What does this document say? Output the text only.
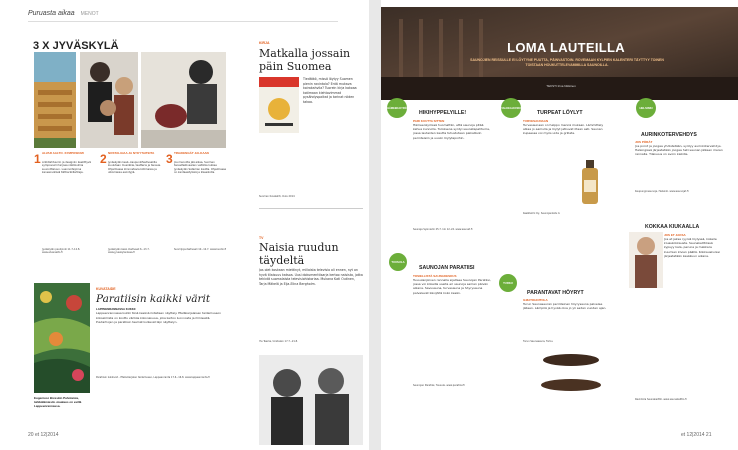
Puruasta aikaa MENOT
3 X JYVÄSKYLÄ
1 ALVAR AALTO -SYMPOSIUMI
Arkkitehtuuriin ja designiin keskittyvä symposiumi tarjoaa näkökulmia suunnitteluun. Luennoitsijoina kansainvälisiä tähtiarkkitehteja.
Jyväskylän paviljonki 11.7–12.8. www.alvaraalto.fi
2 NOSTALGIAA JA NYKYTAITEITA
Jyväskylän kesä -kaupunkifestivaalilla kuulutaan musiikkia, teatteria ja tanssia. Ohjelmassa kiinnostavia kotimaisia ja ulkomaisia esiintyjiä.
Jyväskylän kesä -festivaali 6.–13.7. www.jyvaskylankesa.fi
3 TINAKENGÄT JALKAAN
Jos menoilta jää aikaa, Suomen tanssifestivaalien valtikka kulkee Jyväskylän Sataman kautta. Ohjelmassa on kantaesityksiä ja klassikoita.
Suomijoja-festivaali 10.–12.7. www.kuutio.fi
KUVATAIDE
Paratiisin kaikki värit
LAPPEENRANNASSA KUKKII
Lappeenrannassa kukkii tänä kesänä ilotaiteen näyttely. Eteläkarjalaisen taidemuseon kokoelmista on koottu värikäs kokonaisuus, joka kertoo luonnosta ja ihmisestä. Puutarhojen ja paratiisin teemat kulkevat läpi näyttelyn.
Paratiisin kukkivat – Etelä-Karjalan taidemuseo, Lappeenranta 17.6.–16.8. www.lappeenranta.fi
Eugeniusz Brzeskin Paholaisia, tahikälämiestä -maalaus on esillä Lappeenrannassa.
KIRJA
Matkalla jossain päin Suomea
Tiedätkö, missä löytyy Suomen pienin ravintola? Entä mukava koirakahvila? Tuorein kirja kokoaa kotimaan kiehtovimmat pysähdyspaikat ja tarinat niiden takaa.
Suomen Kuvalehti, Oulu 2014
TV
Naisia ruudun täydeltä
Jos olet koskaan miettinyt, millaista televisio oli ennen, nyt on hyvä tilaisuus katsoa. Uusi dokumenttisarja kertoo naisista, jotka tekivät suomalaista televisiohistoriaa. Mukana Kati Outinen, Tarja Mäkelä ja Eija-Elina Bergholm.
Yle Teema, torstaisin 17.7.–21.8.
20 et 12|2014
LOMA LAUTEILLA
SAUNOJIEN REISSULLE EI LÖYTYNE PUUTTA, PÄINVASTOIN. ROVEMAAN KYLPIEN KALENTERI TÄYTTYY TOINEN TOISTAAN HOUKUTTELEVAMMILLA SAUNOILLA.
TEKSTI Irina Nikkinen
HÄMEEN-KYRÖ	VALKEA-KOSKI	HELSINKI
TUUSULA
TURKU
HIKIHYPPELYILLE!
PARI KUUTTA SITTEN
Hämeenkyrössä huomattiin, että saunoja pitää kehua kunnolla. Tuloksena syntyi saunatapahtuma, jossa lauteiden kautta tutustutaan paikallisiin perinteisiin ja uusiin löylytapoihin.
Saunaja Sysiniemi 25.7. klo 12–24. www.saunat.fi
TURPEAT LÖYLYT
TURVESAUNAAN
Turvesaunaan on helppo mennä mukaan. Lämmittely alkaa jo aamulla ja löylyt jatkuvat iltaan asti. Saunan kupeessa voi myös uida ja grillata.
Kesähelmi Oy, Saunojankatu 4.
AURINKOTERVEHDYS
JOS PÖRÄT
Jos porot ja joogaa yhdistetään, syntyy aurinkotervehdys. Helsingissä järjestetään joogaa heti saunan jälkeen meren rannalla. Tilaisuus on avoin kaikille.
Kaupunginsaunoja, Helsinki. www.saunojat.fi
SAUNOJAN PARATIISI
TOSIELLISTÄ SAUNAKESKUS
Tuusulanjärven rannalla sijaitsee Saunojan Paratiisi, jossa voi kokeilla useita eri saunoja saman päivän aikana. Savusauna, turvesauna ja höyrysauna palvelevat kävijöitä koko kesän.
Saunojan Paratiisi, Tuusula. www.paratiisi.fi
PARANTAVAT HÖYRYT
ILMATOHOITOLA
Turun Saunaseuran perinteinen höyrysauna palvelee jälleen. Lämpöä ja hyvää oloa jo yli sadan vuoden ajan.
Turun Saunaseura, Turku.
KOKKAA KIUKAALLA
JOS ET JAKSA
Jos et jaksa ryyniä löylyssä, kokeile kiuaskokkausta. Saunakeittiössä kypsyy kala, peruna ja makkara kuumien kivien päällä. Kokkauskurssi järjestetään kesäkuun aikana.
Ravintola Saunakeittiö. www.saunakeittio.fi
et 12|2014 21
